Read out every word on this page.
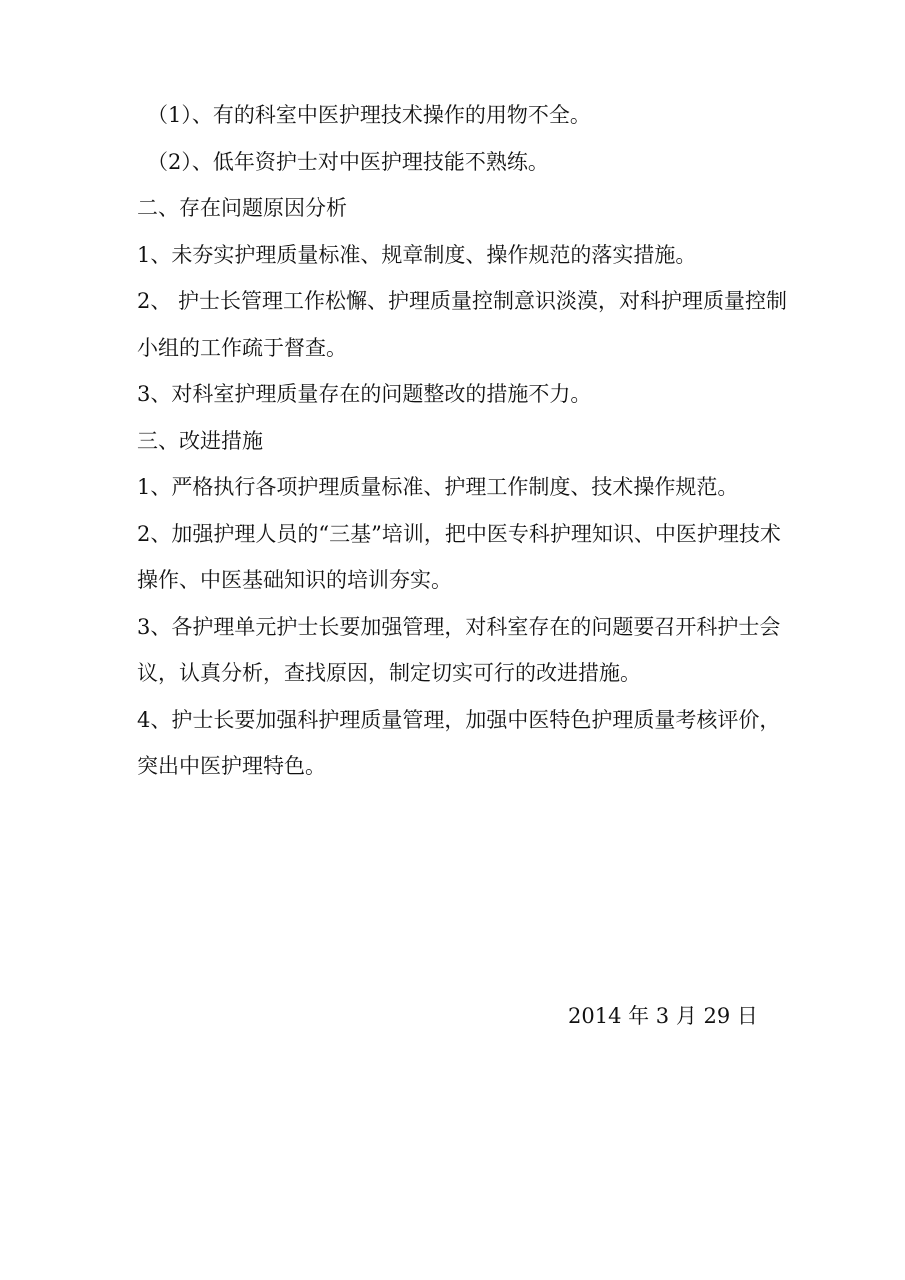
（1）、有的科室中医护理技术操作的用物不全。

（2）、低年资护士对中医护理技能不熟练。

二、存在问题原因分析

1、未夯实护理质量标准、规章制度、操作规范的落实措施。

2、 护士长管理工作松懈、护理质量控制意识淡漠，对科护理质量控制小组的工作疏于督查。

3、对科室护理质量存在的问题整改的措施不力。

三、改进措施

1、严格执行各项护理质量标准、护理工作制度、技术操作规范。

2、加强护理人员的“三基”培训，把中医专科护理知识、中医护理技术操作、中医基础知识的培训夯实。

3、各护理单元护士长要加强管理，对科室存在的问题要召开科护士会议，认真分析，查找原因，制定切实可行的改进措施。

4、护士长要加强科护理质量管理，加强中医特色护理质量考核评价，突出中医护理特色。

2014 年 3 月 29 日
